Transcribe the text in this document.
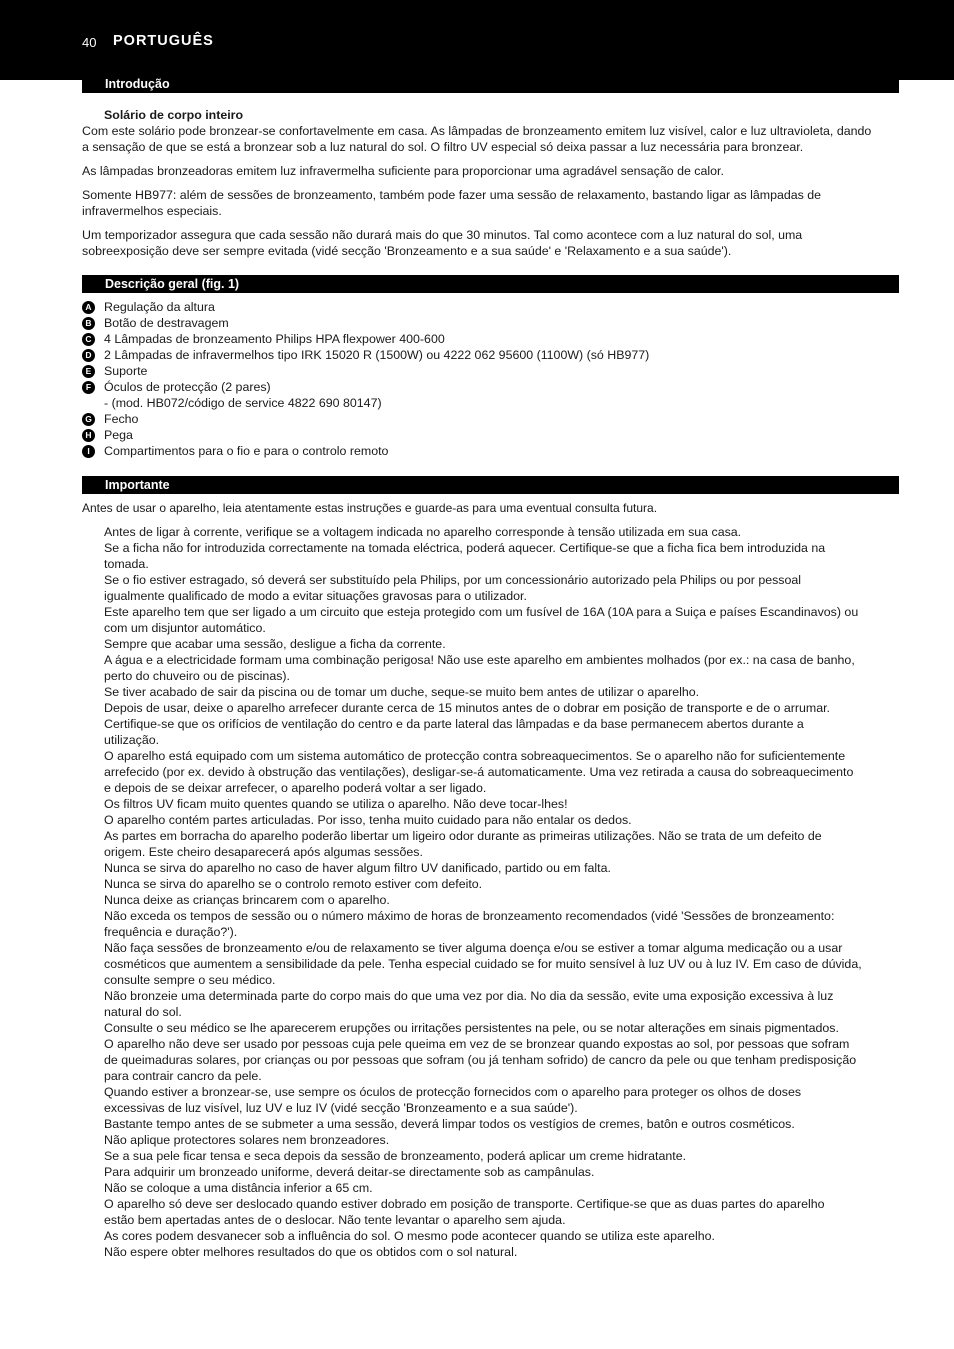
40 PORTUGUÊS
Introdução
Solário de corpo inteiro
Com este solário pode bronzear-se confortavelmente em casa. As lâmpadas de bronzeamento emitem luz visível, calor e luz ultravioleta, dando
a sensação de que se está a bronzear sob a luz natural do sol. O filtro UV especial só deixa passar a luz necessária para bronzear.
As lâmpadas bronzeadoras emitem luz infravermelha suficiente para proporcionar uma agradável sensação de calor.
Somente HB977: além de sessões de bronzeamento, também pode fazer uma sessão de relaxamento, bastando ligar as lâmpadas de
infravermelhos especiais.
Um temporizador assegura que cada sessão não durará mais do que 30 minutos. Tal como acontece com a luz natural do sol, uma
sobreexposição deve ser sempre evitada (vidé secção 'Bronzeamento e a sua saúde' e 'Relaxamento e a sua saúde').
Descrição geral (fig. 1)
A Regulação da altura
B Botão de destravagem
C 4 Lâmpadas de bronzeamento Philips HPA flexpower 400-600
D 2 Lâmpadas de infravermelhos tipo IRK 15020 R (1500W) ou 4222 062 95600 (1100W) (só HB977)
E Suporte
F Óculos de protecção (2 pares)
- (mod. HB072/código de service 4822 690 80147)
G Fecho
H Pega
I Compartimentos para o fio e para o controlo remoto
Importante
Antes de usar o aparelho, leia atentamente estas instruções e guarde-as para uma eventual consulta futura.
Antes de ligar à corrente, verifique se a voltagem indicada no aparelho corresponde à tensão utilizada em sua casa.
Se a ficha não for introduzida correctamente na tomada eléctrica, poderá aquecer. Certifique-se que a ficha fica bem introduzida na
tomada.
Se o fio estiver estragado, só deverá ser substituído pela Philips, por um concessionário autorizado pela Philips ou por pessoal
igualmente qualificado de modo a evitar situações gravosas para o utilizador.
Este aparelho tem que ser ligado a um circuito que esteja protegido com um fusível de 16A (10A para a Suiça e países Escandinavos) ou
com um disjuntor automático.
Sempre que acabar uma sessão, desligue a ficha da corrente.
A água e a electricidade formam uma combinação perigosa! Não use este aparelho em ambientes molhados (por ex.: na casa de banho,
perto do chuveiro ou de piscinas).
Se tiver acabado de sair da piscina ou de tomar um duche, seque-se muito bem antes de utilizar o aparelho.
Depois de usar, deixe o aparelho arrefecer durante cerca de 15 minutos antes de o dobrar em posição de transporte e de o arrumar.
Certifique-se que os orifícios de ventilação do centro e da parte lateral das lâmpadas e da base permanecem abertos durante a
utilização.
O aparelho está equipado com um sistema automático de protecção contra sobreaquecimentos. Se o aparelho não for suficientemente
arrefecido (por ex. devido à obstrução das ventilações), desligar-se-á automaticamente. Uma vez retirada a causa do sobreaquecimento
e depois de se deixar arrefecer, o aparelho poderá voltar a ser ligado.
Os filtros UV ficam muito quentes quando se utiliza o aparelho. Não deve tocar-lhes!
O aparelho contém partes articuladas. Por isso, tenha muito cuidado para não entalar os dedos.
As partes em borracha do aparelho poderão libertar um ligeiro odor durante as primeiras utilizações. Não se trata de um defeito de
origem. Este cheiro desaparecerá após algumas sessões.
Nunca se sirva do aparelho no caso de haver algum filtro UV danificado, partido ou em falta.
Nunca se sirva do aparelho se o controlo remoto estiver com defeito.
Nunca deixe as crianças brincarem com o aparelho.
Não exceda os tempos de sessão ou o número máximo de horas de bronzeamento recomendados (vidé 'Sessões de bronzeamento:
frequência e duração?').
Não faça sessões de bronzeamento e/ou de relaxamento se tiver alguma doença e/ou se estiver a tomar alguma medicação ou a usar
cosméticos que aumentem a sensibilidade da pele. Tenha especial cuidado se for muito sensível à luz UV ou à luz IV. Em caso de dúvida,
consulte sempre o seu médico.
Não bronzeie uma determinada parte do corpo mais do que uma vez por dia. No dia da sessão, evite uma exposição excessiva à luz
natural do sol.
Consulte o seu médico se lhe aparecerem erupções ou irritações persistentes na pele, ou se notar alterações em sinais pigmentados.
O aparelho não deve ser usado por pessoas cuja pele queima em vez de se bronzear quando expostas ao sol, por pessoas que sofram
de queimaduras solares, por crianças ou por pessoas que sofram (ou já tenham sofrido) de cancro da pele ou que tenham predisposição
para contrair cancro da pele.
Quando estiver a bronzear-se, use sempre os óculos de protecção fornecidos com o aparelho para proteger os olhos de doses
excessivas de luz visível, luz UV e luz IV (vidé secção 'Bronzeamento e a sua saúde').
Bastante tempo antes de se submeter a uma sessão, deverá limpar todos os vestígios de cremes, batôn e outros cosméticos.
Não aplique protectores solares nem bronzeadores.
Se a sua pele ficar tensa e seca depois da sessão de bronzeamento, poderá aplicar um creme hidratante.
Para adquirir um bronzeado uniforme, deverá deitar-se directamente sob as campânulas.
Não se coloque a uma distância inferior a 65 cm.
O aparelho só deve ser deslocado quando estiver dobrado em posição de transporte. Certifique-se que as duas partes do aparelho
estão bem apertadas antes de o deslocar. Não tente levantar o aparelho sem ajuda.
As cores podem desvanecer sob a influência do sol. O mesmo pode acontecer quando se utiliza este aparelho.
Não espere obter melhores resultados do que os obtidos com o sol natural.
